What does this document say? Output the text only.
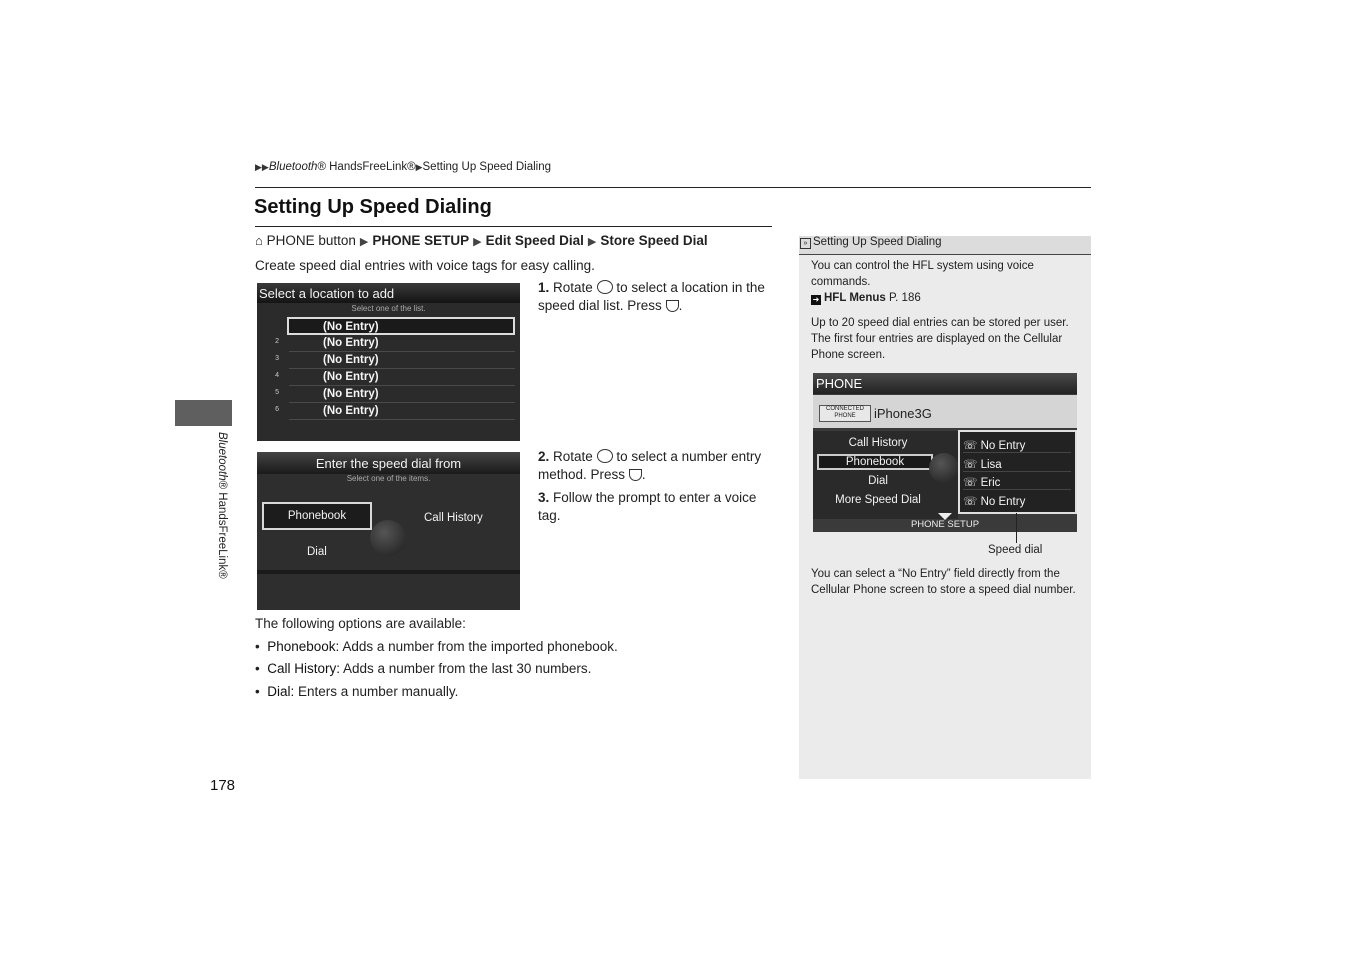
▶▶Bluetooth® HandsFreeLink®▶Setting Up Speed Dialing
Setting Up Speed Dialing
⌂ PHONE button ▶ PHONE SETUP ▶ Edit Speed Dial ▶ Store Speed Dial
Create speed dial entries with voice tags for easy calling.
Bluetooth® HandsFreeLink®
Select a location to add
Select one of the list.
(No Entry)
2	(No Entry)
3	(No Entry)
4	(No Entry)
5	(No Entry)
6	(No Entry)
Enter the speed dial from
Select one of the items.
Phonebook	Call History
Dial
1. Rotate to select a location in the speed dial list. Press .
2. Rotate to select a number entry method. Press .
3. Follow the prompt to enter a voice tag.
The following options are available:
•  Phonebook: Adds a number from the imported phonebook.
•  Call History: Adds a number from the last 30 numbers.
•  Dial: Enters a number manually.
178
» Setting Up Speed Dialing
You can control the HFL system using voice commands.
➜ HFL Menus P. 186
Up to 20 speed dial entries can be stored per user. The first four entries are displayed on the Cellular Phone screen.
PHONE
CONNECTED PHONE	iPhone3G
Call History
Phonebook
Dial
More Speed Dial
☏ No Entry
☏ Lisa
☏ Eric
☏ No Entry
PHONE SETUP
Speed dial
You can select a “No Entry” field directly from the Cellular Phone screen to store a speed dial number.
